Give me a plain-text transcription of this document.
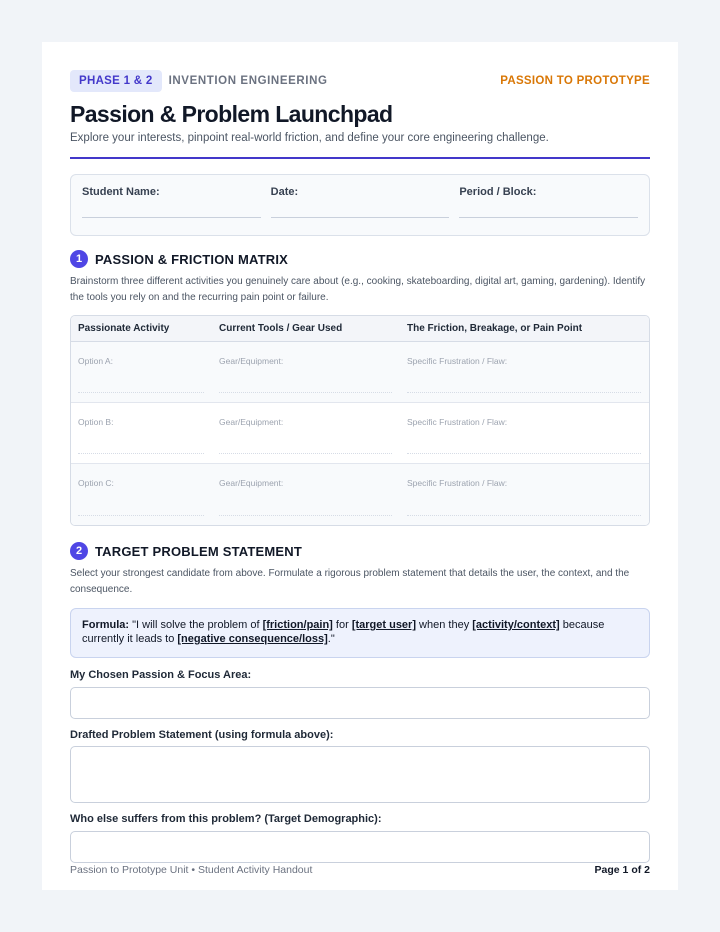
PHASE 1 & 2	INVENTION ENGINEERING	PASSION TO PROTOTYPE
Passion & Problem Launchpad
Explore your interests, pinpoint real-world friction, and define your core engineering challenge.
Student Name:	Date:	Period / Block:
1 PASSION & FRICTION MATRIX
Brainstorm three different activities you genuinely care about (e.g., cooking, skateboarding, digital art, gaming, gardening). Identify the tools you rely on and the recurring pain point or failure.
Passionate Activity	Current Tools / Gear Used	The Friction, Breakage, or Pain Point
Option A:	Gear/Equipment:	Specific Frustration / Flaw:
Option B:	Gear/Equipment:	Specific Frustration / Flaw:
Option C:	Gear/Equipment:	Specific Frustration / Flaw:
2 TARGET PROBLEM STATEMENT
Select your strongest candidate from above. Formulate a rigorous problem statement that details the user, the context, and the consequence.
Formula: "I will solve the problem of [friction/pain] for [target user] when they [activity/context] because currently it leads to [negative consequence/loss]."
My Chosen Passion & Focus Area:
Drafted Problem Statement (using formula above):
Who else suffers from this problem? (Target Demographic):
Passion to Prototype Unit • Student Activity Handout	Page 1 of 2
